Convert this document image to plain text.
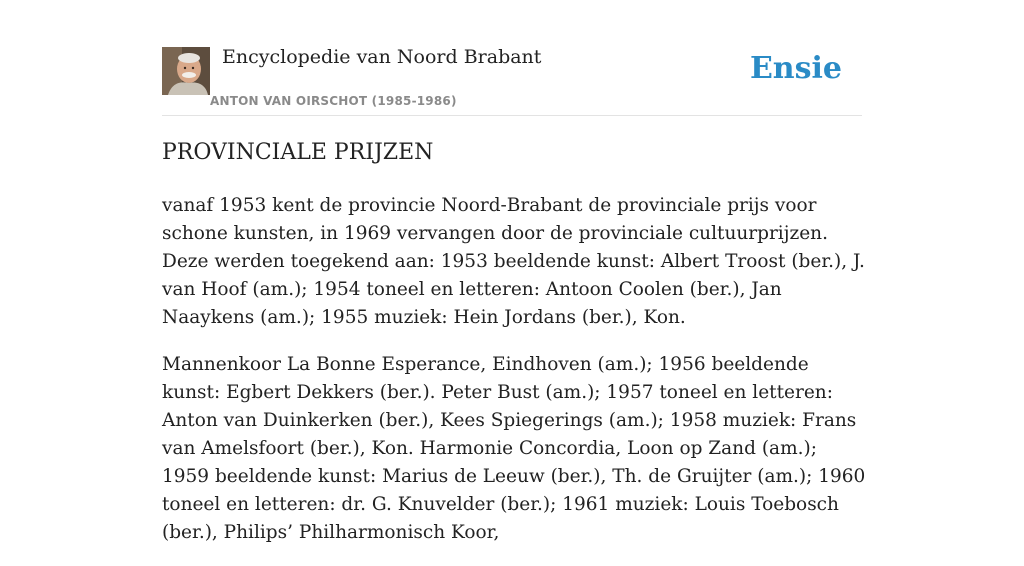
Encyclopedie van Noord Brabant
ANTON VAN OIRSCHOT (1985-1986)
Ensie
PROVINCIALE PRIJZEN

vanaf 1953 kent de provincie Noord-Brabant de provinciale prijs voor schone kunsten, in 1969 vervangen door de provinciale cultuurprijzen. Deze werden toegekend aan: 1953 beeldende kunst: Albert Troost (ber.), J. van Hoof (am.); 1954 toneel en letteren: Antoon Coolen (ber.), Jan Naaykens (am.); 1955 muziek: Hein Jordans (ber.), Kon.

Mannenkoor La Bonne Esperance, Eindhoven (am.); 1956 beeldende kunst: Egbert Dekkers (ber.). Peter Bust (am.); 1957 toneel en letteren: Anton van Duinkerken (ber.), Kees Spiegerings (am.); 1958 muziek: Frans van Amelsfoort (ber.), Kon. Harmonie Concordia, Loon op Zand (am.); 1959 beeldende kunst: Marius de Leeuw (ber.), Th. de Gruijter (am.); 1960 toneel en letteren: dr. G. Knuvelder (ber.); 1961 muziek: Louis Toebosch (ber.), Philips’ Philharmonisch Koor,
